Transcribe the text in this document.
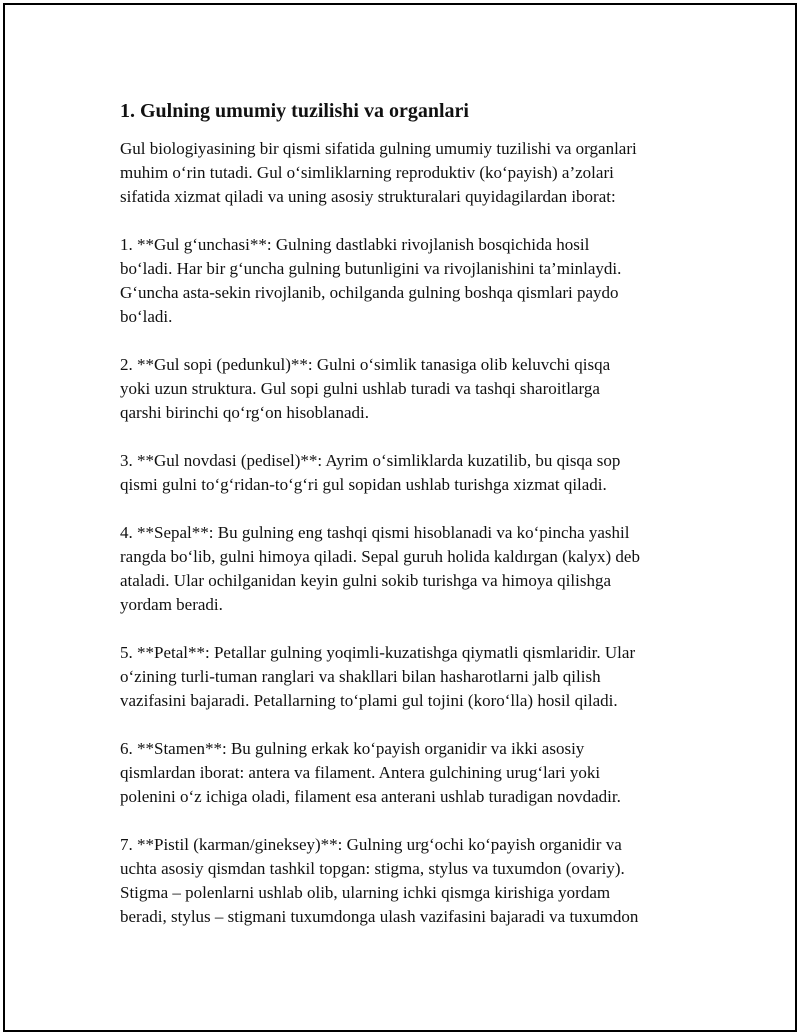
1. Gulning umumiy tuzilishi va organlari

Gul biologiyasining bir qismi sifatida gulning umumiy tuzilishi va organlari
muhim o‘rin tutadi. Gul o‘simliklarning reproduktiv (ko‘payish) a’zolari
sifatida xizmat qiladi va uning asosiy strukturalari quyidagilardan iborat:

1. **Gul g‘unchasi**: Gulning dastlabki rivojlanish bosqichida hosil
bo‘ladi. Har bir g‘uncha gulning butunligini va rivojlanishini ta’minlaydi.
G‘uncha asta-sekin rivojlanib, ochilganda gulning boshqa qismlari paydo
bo‘ladi.

2. **Gul sopi (pedunkul)**: Gulni o‘simlik tanasiga olib keluvchi qisqa
yoki uzun struktura. Gul sopi gulni ushlab turadi va tashqi sharoitlarga
qarshi birinchi qo‘rg‘on hisoblanadi.

3. **Gul novdasi (pedisel)**: Ayrim o‘simliklarda kuzatilib, bu qisqa sop
qismi gulni to‘g‘ridan-to‘g‘ri gul sopidan ushlab turishga xizmat qiladi.

4. **Sepal**: Bu gulning eng tashqi qismi hisoblanadi va ko‘pincha yashil
rangda bo‘lib, gulni himoya qiladi. Sepal guruh holida kaldırgan (kalyx) deb
ataladi. Ular ochilganidan keyin gulni sokib turishga va himoya qilishga
yordam beradi.

5. **Petal**: Petallar gulning yoqimli-kuzatishga qiymatli qismlaridir. Ular
o‘zining turli-tuman ranglari va shakllari bilan hasharotlarni jalb qilish
vazifasini bajaradi. Petallarning to‘plami gul tojini (koro‘lla) hosil qiladi.

6. **Stamen**: Bu gulning erkak ko‘payish organidir va ikki asosiy
qismlardan iborat: antera va filament. Antera gulchining urug‘lari yoki
polenini o‘z ichiga oladi, filament esa anterani ushlab turadigan novdadir.

7. **Pistil (karman/gineksey)**: Gulning urg‘ochi ko‘payish organidir va
uchta asosiy qismdan tashkil topgan: stigma, stylus va tuxumdon (ovariy).
Stigma – polenlarni ushlab olib, ularning ichki qismga kirishiga yordam
beradi, stylus – stigmani tuxumdonga ulash vazifasini bajaradi va tuxumdon
